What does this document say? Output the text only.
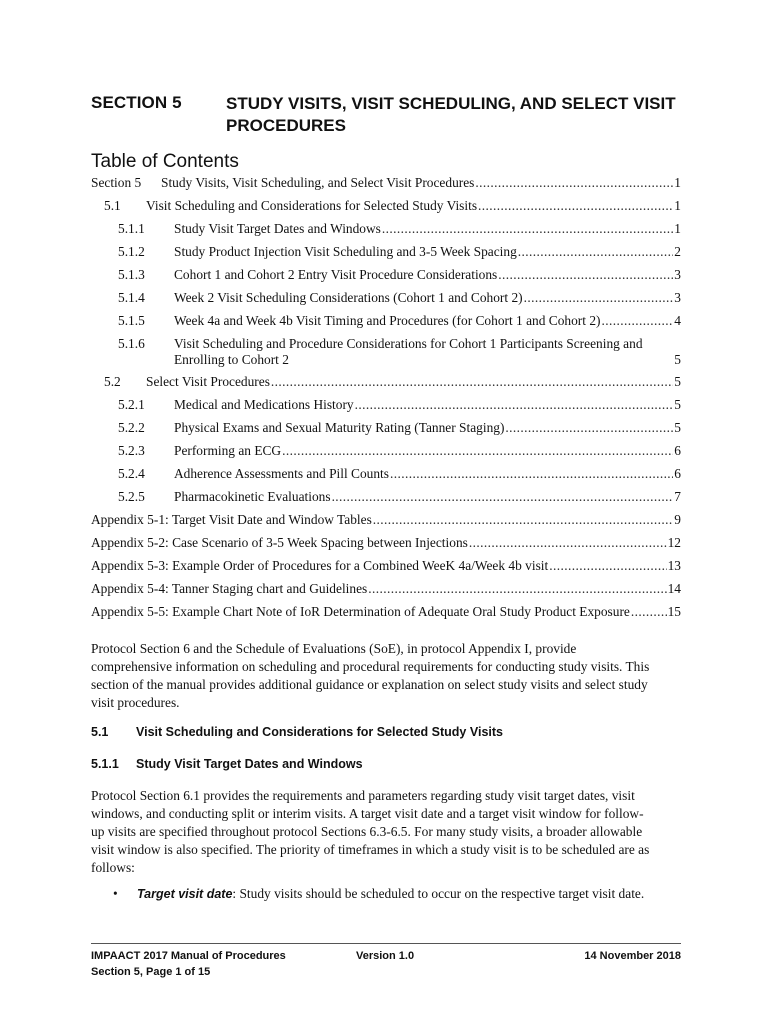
SECTION 5	STUDY VISITS, VISIT SCHEDULING, AND SELECT VISIT PROCEDURES
Table of Contents
Section 5	Study Visits, Visit Scheduling, and Select Visit Procedures .....	1
5.1	Visit Scheduling and Considerations for Selected Study Visits .....	1
5.1.1	Study Visit Target Dates and Windows .....	1
5.1.2	Study Product Injection Visit Scheduling and 3-5 Week Spacing .....	2
5.1.3	Cohort 1 and Cohort 2 Entry Visit Procedure Considerations .....	3
5.1.4	Week 2 Visit Scheduling Considerations (Cohort 1 and Cohort 2) .....	3
5.1.5	Week 4a and Week 4b Visit Timing and Procedures (for Cohort 1 and Cohort 2) .....	4
5.1.6 Visit Scheduling and Procedure Considerations for Cohort 1 Participants Screening and
Enrolling to Cohort 2	5
5.2	Select Visit Procedures .....	5
5.2.1	Medical and Medications History .....	5
5.2.2	Physical Exams and Sexual Maturity Rating (Tanner Staging) .....	5
5.2.3	Performing an ECG .....	6
5.2.4	Adherence Assessments and Pill Counts .....	6
5.2.5	Pharmacokinetic Evaluations .....	7
Appendix 5-1: Target Visit Date and Window Tables .....	9
Appendix 5-2: Case Scenario of 3-5 Week Spacing between Injections .....	12
Appendix 5-3: Example Order of Procedures for a Combined WeeK 4a/Week 4b visit .....	13
Appendix 5-4: Tanner Staging chart and Guidelines .....	14
Appendix 5-5: Example Chart Note of IoR Determination of Adequate Oral Study Product Exposure .....	15
Protocol Section 6 and the Schedule of Evaluations (SoE), in protocol Appendix I, provide
comprehensive information on scheduling and procedural requirements for conducting study visits. This
section of the manual provides additional guidance or explanation on select study visits and select study
visit procedures.
5.1 Visit Scheduling and Considerations for Selected Study Visits
5.1.1 Study Visit Target Dates and Windows
Protocol Section 6.1 provides the requirements and parameters regarding study visit target dates, visit
windows, and conducting split or interim visits. A target visit date and a target visit window for follow-
up visits are specified throughout protocol Sections 6.3-6.5. For many study visits, a broader allowable
visit window is also specified. The priority of timeframes in which a study visit is to be scheduled are as
follows:
• Target visit date: Study visits should be scheduled to occur on the respective target visit date.
IMPAACT 2017 Manual of Procedures
Section 5, Page 1 of 15
Version 1.0	14 November 2018
